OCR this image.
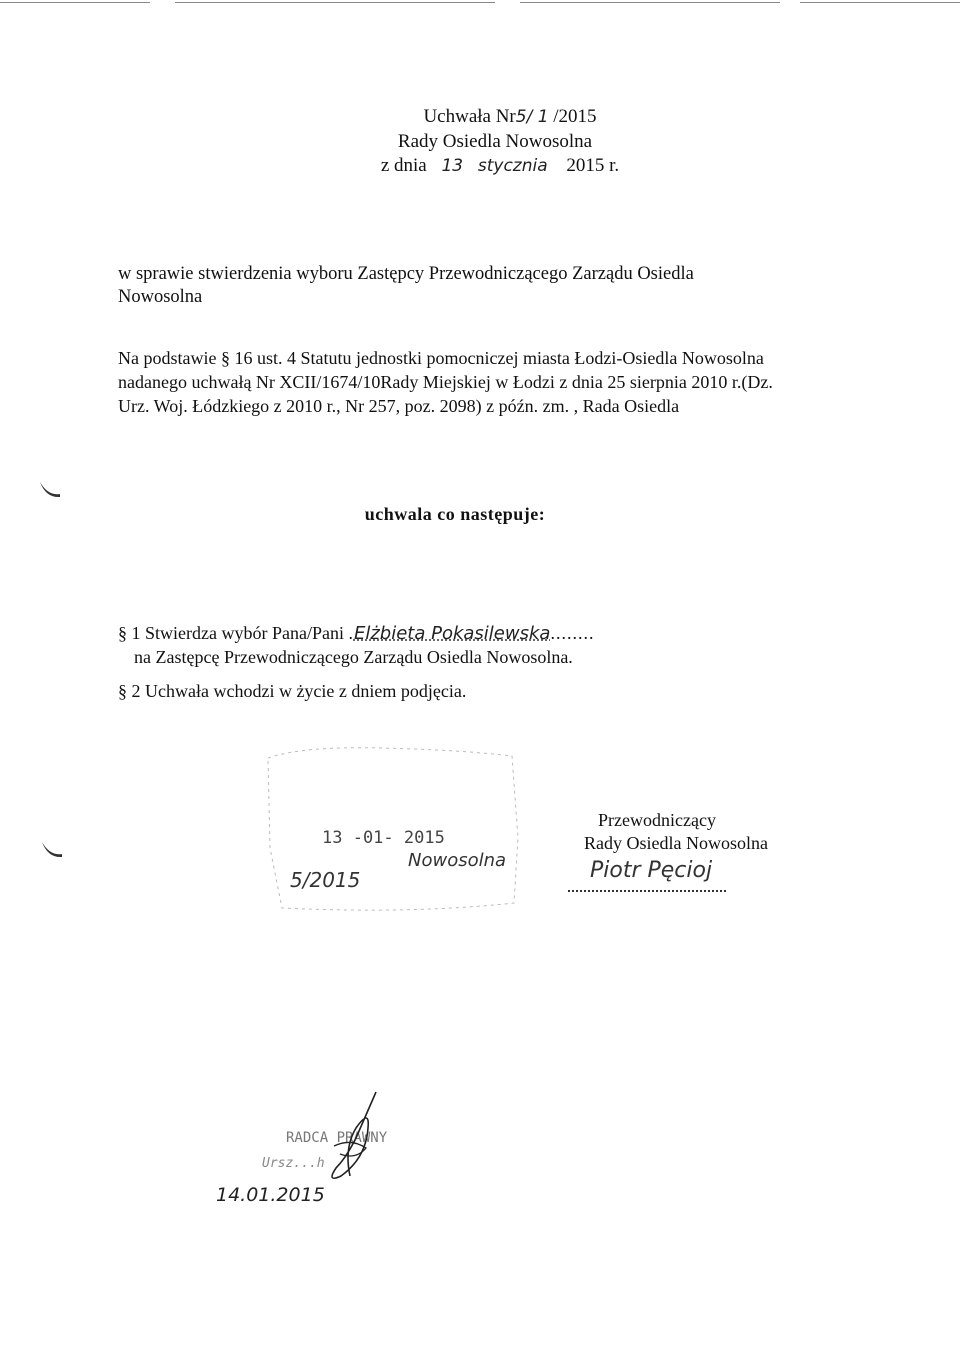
Uchwała Nr5/ 1 /2015
Rady Osiedla Nowosolna
z dnia 13 stycznia 2015 r.
w sprawie stwierdzenia wyboru Zastępcy Przewodniczącego Zarządu Osiedla
Nowosolna
Na podstawie § 16 ust. 4 Statutu jednostki pomocniczej miasta Łodzi-Osiedla Nowosolna
nadanego uchwałą Nr XCII/1674/10Rady Miejskiej w Łodzi z dnia 25 sierpnia 2010 r.(Dz.
Urz. Woj. Łódzkiego z 2010 r., Nr 257, poz. 2098) z późn. zm. , Rada Osiedla
uchwala co następuje:
§ 1 Stwierdza wybór Pana/Pani .Elżbieta Pokasilewska........
na Zastępcę Przewodniczącego Zarządu Osiedla Nowosolna.
§ 2 Uchwała wchodzi w życie z dniem podjęcia.
13 -01- 2015
5/2015
Nowosolna
Przewodniczący
Rady Osiedla Nowosolna
Piotr Pęcioj
RADCA PRAWNY
Ursz...h
14.01.2015
